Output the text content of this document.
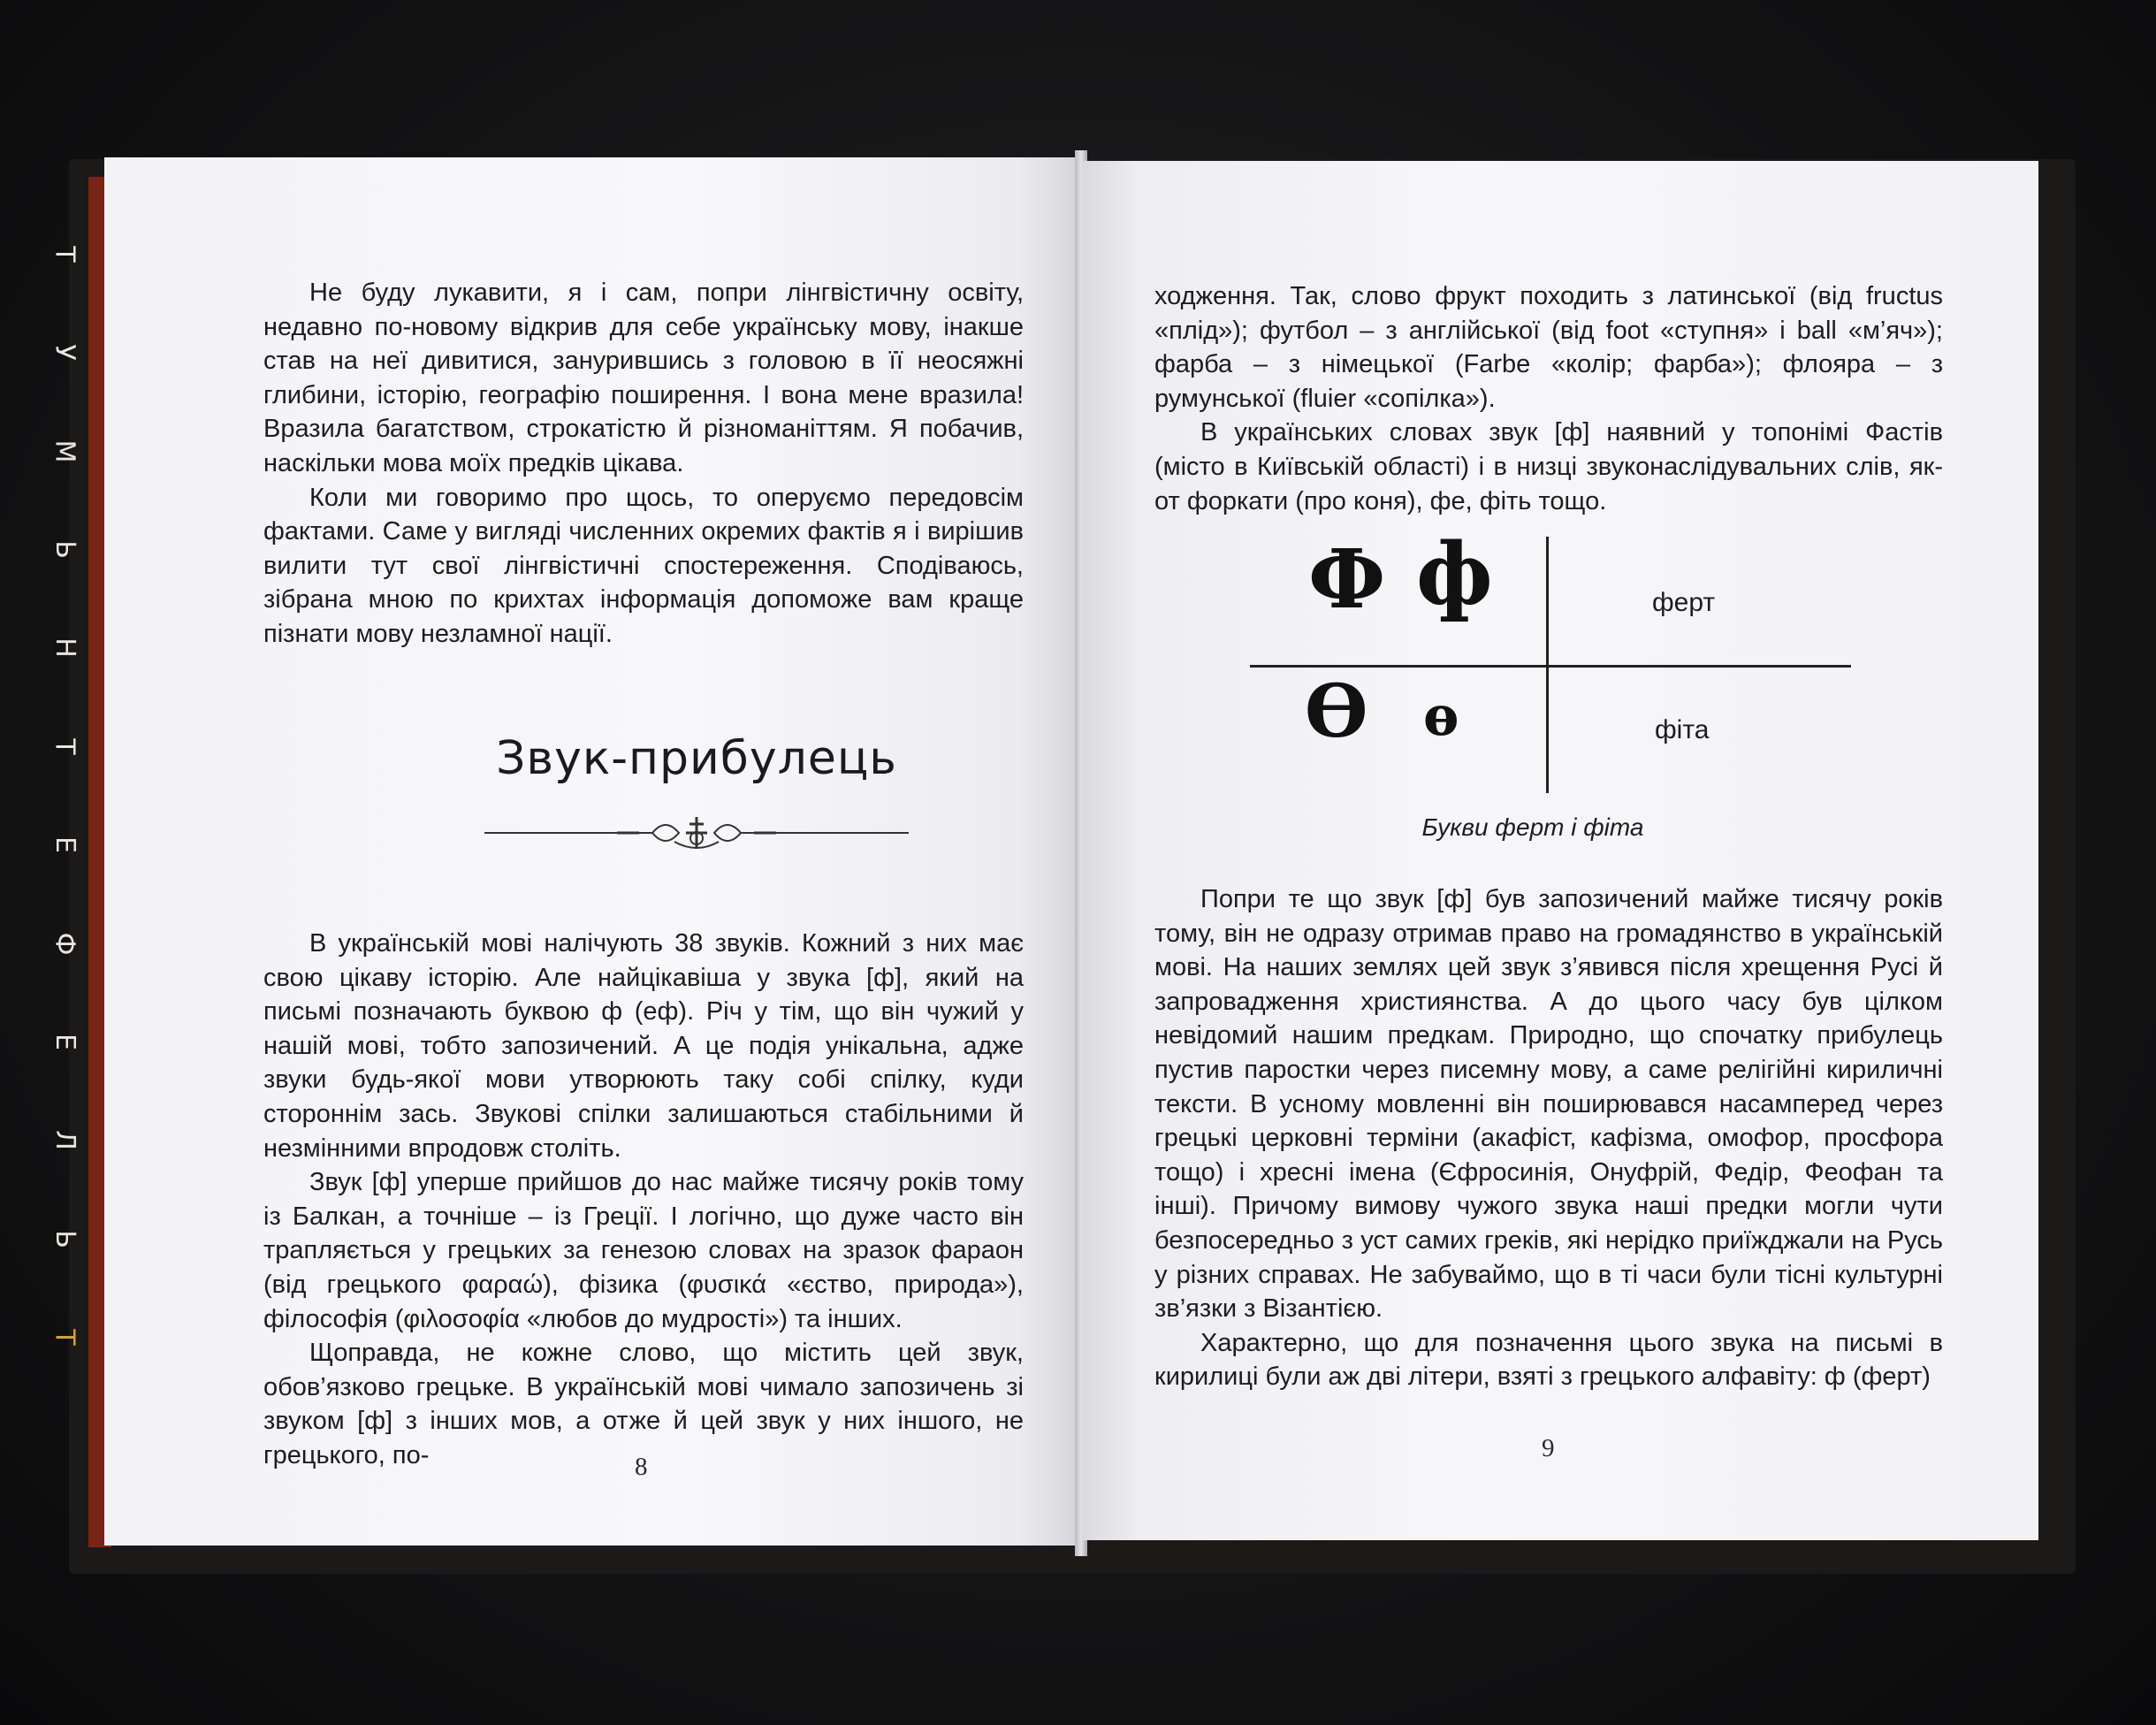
Т
У
М
Ь
Н
Т
Е
Ф
Е
Л
Ь
Т

Не буду лукавити, я і сам, попри лінгвістичну освіту, недавно по-новому відкрив для себе українську мову, інакше став на неї дивитися, занурившись з головою в її неосяжні глибини, історію, географію поширення. І вона мене вразила! Вразила багатством, строкатістю й різноманіттям. Я побачив, наскільки мова моїх предків цікава.

Коли ми говоримо про щось, то оперуємо передовсім фактами. Саме у вигляді численних окремих фактів я і вирішив вилити тут свої лінгвістичні спостереження. Сподіваюсь, зібрана мною по крихтах інформація допоможе вам краще пізнати мову незламної нації.

Звук-прибулець

В українській мові налічують 38 звуків. Кожний з них має свою цікаву історію. Але найцікавіша у звука [ф], який на письмі позначають буквою ф (еф). Річ у тім, що він чужий у нашій мові, тобто запозичений. А це подія унікальна, адже звуки будь-якої мови утворюють таку собі спілку, куди стороннім зась. Звукові спілки залишаються стабільними й незмінними впродовж століть.

Звук [ф] уперше прийшов до нас майже тисячу років тому із Балкан, а точніше – із Греції. І логічно, що дуже часто він трапляється у грецьких за генезою словах на зразок фараон (від грецького φαραώ), фізика (φυσικά «єство, природа»), філософія (φιλοσοφία «любов до мудрості») та інших.

Щоправда, не кожне слово, що містить цей звук, обов’язково грецьке. В українській мові чимало запозичень зі звуком [ф] з інших мов, а отже й цей звук у них іншого, не грецького, по-	8

ходження. Так, слово фрукт походить з латинської (від fructus «плід»); футбол – з англійської (від foot «ступня» і ball «м’яч»); фарба – з німецької (Farbe «колір; фарба»); флояра – з румунської (fluier «сопілка»).

В українських словах звук [ф] наявний у топонімі Фастів (місто в Київській області) і в низці звуконаслідувальних слів, як-от форкати (про коня), фе, фіть тощо.

Ф ф
Ѳ ѳ
ферт
фіта
Букви ферт і фіта

Попри те що звук [ф] був запозичений майже тисячу років тому, він не одразу отримав право на громадянство в українській мові. На наших землях цей звук з’явився після хрещення Русі й запровадження християнства. А до цього часу був цілком невідомий нашим предкам. Природно, що спочатку прибулець пустив паростки через писемну мову, а саме релігійні кириличні тексти. В усному мовленні він поширювався насамперед через грецькі церковні терміни (акафіст, кафізма, омофор, просфора тощо) і хресні імена (Єфросинія, Онуфрій, Федір, Феофан та інші). Причому вимову чужого звука наші предки могли чути безпосередньо з уст самих греків, які нерідко приїжджали на Русь у різних справах. Не забуваймо, що в ті часи були тісні культурні зв’язки з Візантією.

Характерно, що для позначення цього звука на письмі в кирилиці були аж дві літери, взяті з грецького алфавіту: ф (ферт)

9
